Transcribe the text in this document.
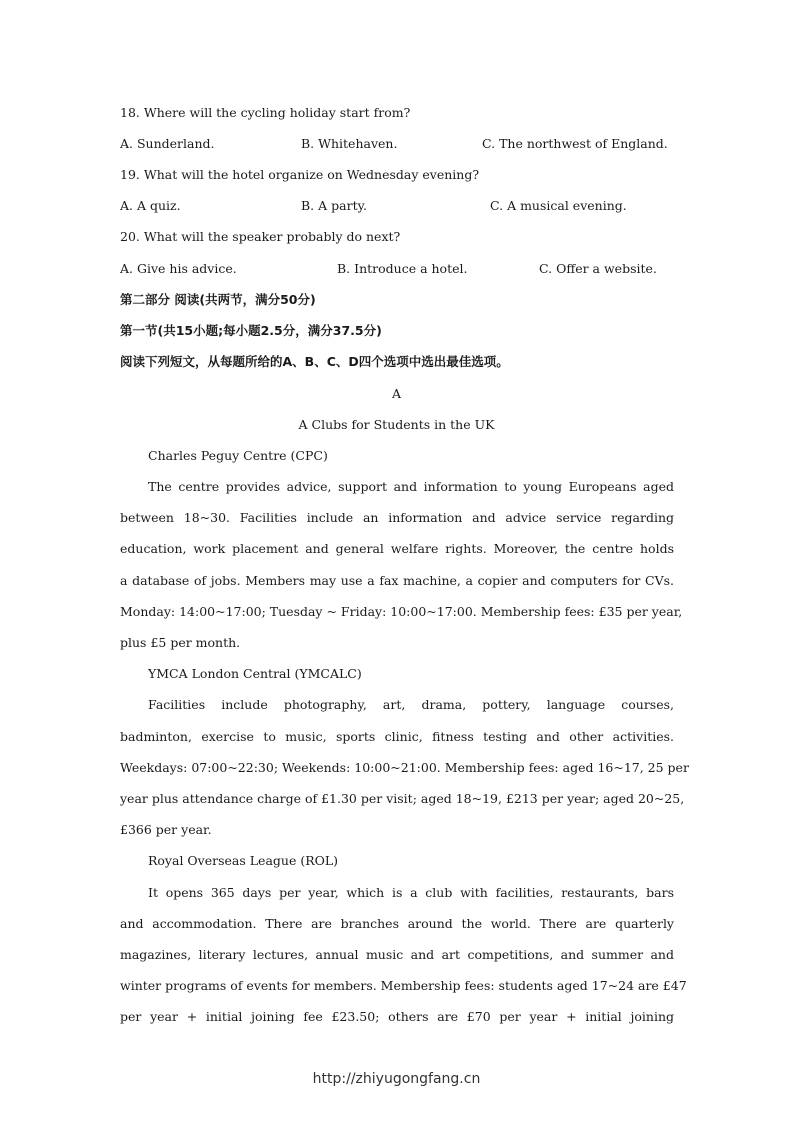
18. Where will the cycling holiday start from?
A. Sunderland.	B. Whitehaven.	C. The northwest of England.
19. What will the hotel organize on Wednesday evening?
A. A quiz.	B. A party.	C. A musical evening.
20. What will the speaker probably do next?
A. Give his advice.	B. Introduce a hotel.	C. Offer a website.
第二部分 阅读(共两节，满分50分)
第一节(共15小题;每小题2.5分，满分37.5分)
阅读下列短文，从每题所给的A、B、C、D四个选项中选出最佳选项。
A
A Clubs for Students in the UK
Charles Peguy Centre (CPC)
The centre provides advice, support and information to young Europeans aged
between 18~30. Facilities include an information and advice service regarding
education, work placement and general welfare rights. Moreover, the centre holds
a database of jobs. Members may use a fax machine, a copier and computers for CVs.
Monday: 14:00~17:00; Tuesday ~ Friday: 10:00~17:00. Membership fees: £35 per year,
plus £5 per month.
YMCA London Central (YMCALC)
Facilities include photography, art, drama, pottery, language courses,
badminton, exercise to music, sports clinic, fitness testing and other activities.
Weekdays: 07:00~22:30; Weekends: 10:00~21:00. Membership fees: aged 16~17, 25 per
year plus attendance charge of £1.30 per visit; aged 18~19, £213 per year; aged 20~25,
£366 per year.
Royal Overseas League (ROL)
It opens 365 days per year, which is a club with facilities, restaurants, bars
and accommodation. There are branches around the world. There are quarterly
magazines, literary lectures, annual music and art competitions, and summer and
winter programs of events for members. Membership fees: students aged 17~24 are £47
per year + initial joining fee £23.50; others are £70 per year + initial joining
http://zhiyugongfang.cn
